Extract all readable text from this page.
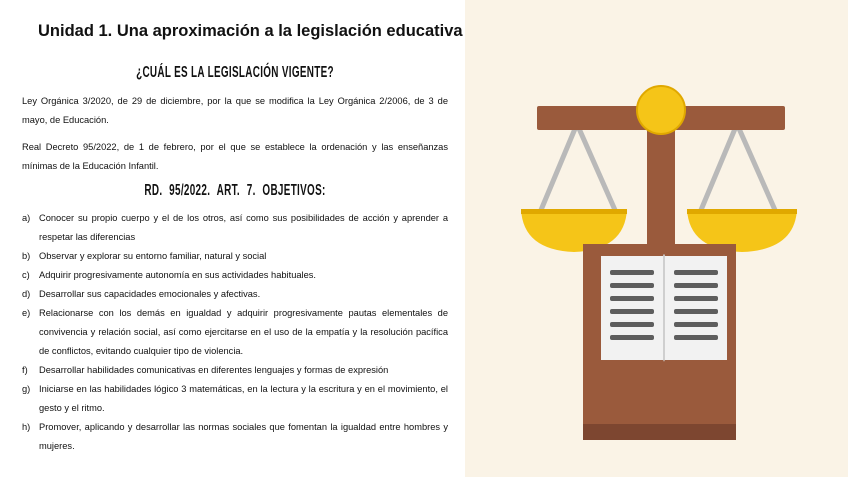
Unidad 1. Una aproximación a la legislación educativa
¿CUÁL ES LA LEGISLACIÓN VIGENTE?
Ley Orgánica 3/2020, de 29 de diciembre, por la que se modifica la Ley Orgánica 2/2006, de 3 de mayo, de Educación.
Real Decreto 95/2022, de 1 de febrero, por el que se establece la ordenación y las enseñanzas mínimas de la Educación Infantil.
RD. 95/2022. ART. 7. OBJETIVOS:
a) Conocer su propio cuerpo y el de los otros, así como sus posibilidades de acción y aprender a respetar las diferencias
b) Observar y explorar su entorno familiar, natural y social
c) Adquirir progresivamente autonomía en sus actividades habituales.
d) Desarrollar sus capacidades emocionales y afectivas.
e) Relacionarse con los demás en igualdad y adquirir progresivamente pautas elementales de convivencia y relación social, así como ejercitarse en el uso de la empatía y la resolución pacífica de conflictos, evitando cualquier tipo de violencia.
f) Desarrollar habilidades comunicativas en diferentes lenguajes y formas de expresión
g) Iniciarse en las habilidades lógico 3 matemáticas, en la lectura y la escritura y en el movimiento, el gesto y el ritmo.
h) Promover, aplicando y desarrollar las normas sociales que fomentan la igualdad entre hombres y mujeres.
